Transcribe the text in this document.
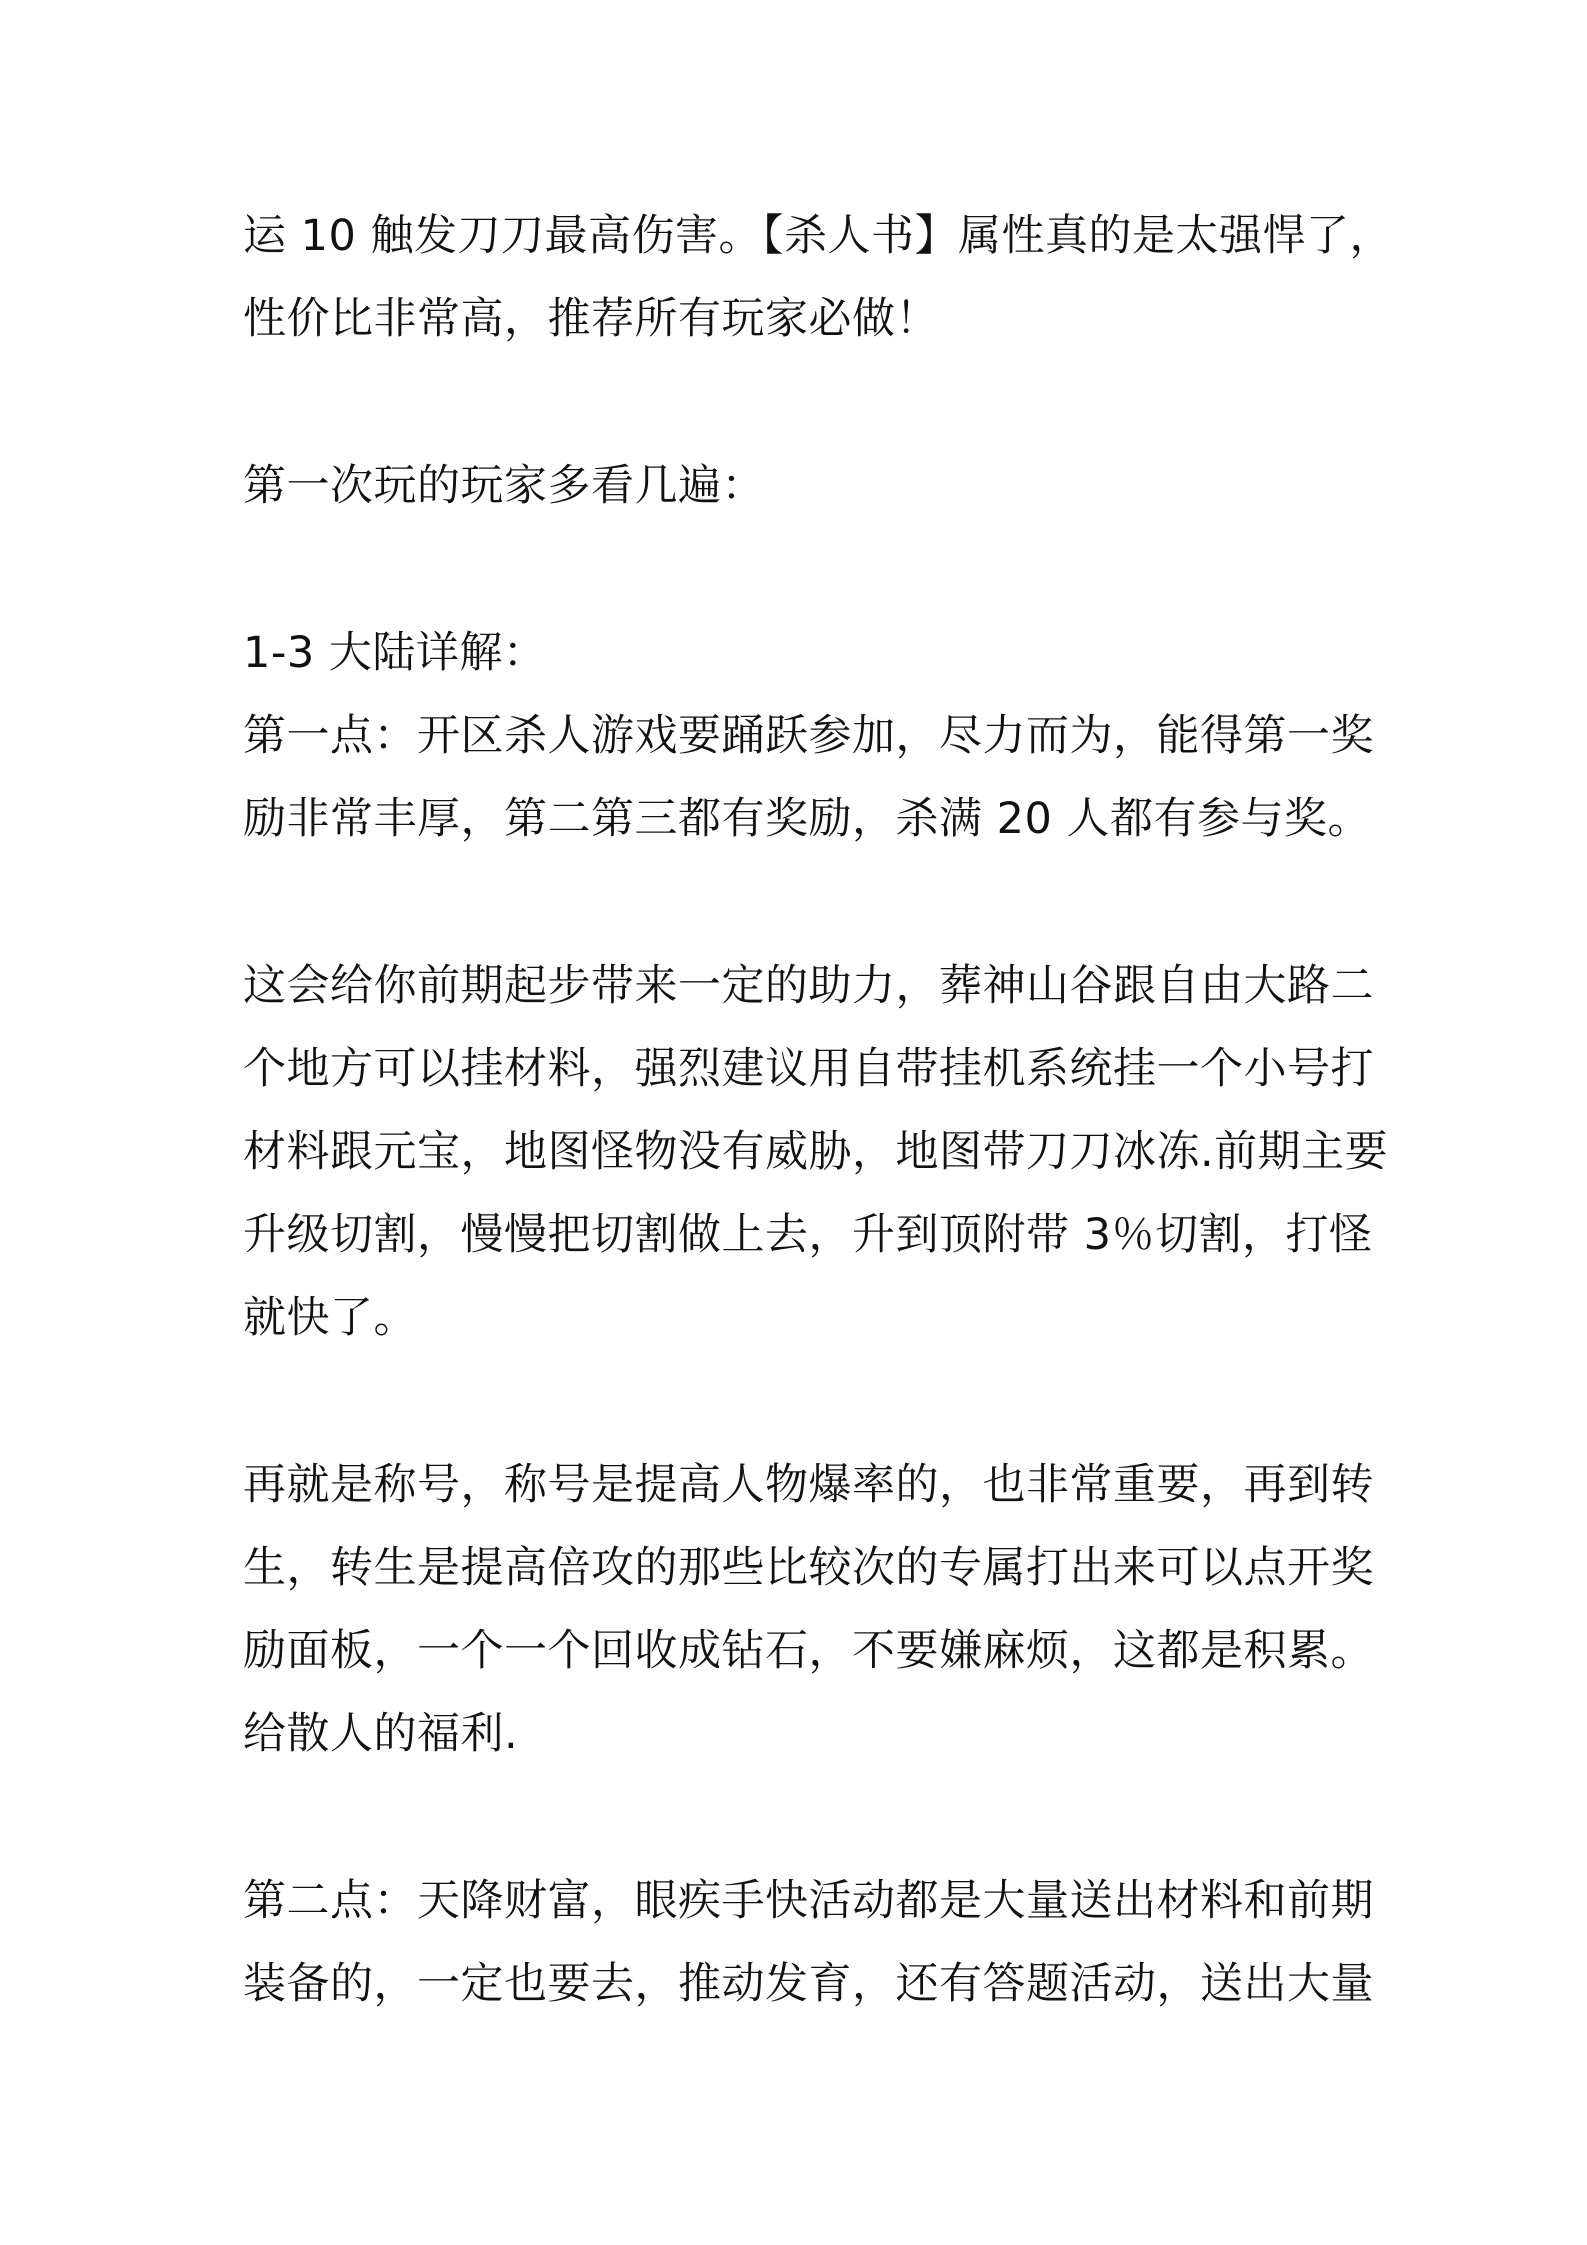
运 10 触发刀刀最高伤害。【杀人书】属性真的是太强悍了，
性价比非常高，推荐所有玩家必做！
第一次玩的玩家多看几遍：
1-3 大陆详解：
第一点：开区杀人游戏要踊跃参加，尽力而为，能得第一奖
励非常丰厚，第二第三都有奖励，杀满 20 人都有参与奖。
这会给你前期起步带来一定的助力，葬神山谷跟自由大路二
个地方可以挂材料，强烈建议用自带挂机系统挂一个小号打
材料跟元宝，地图怪物没有威胁，地图带刀刀冰冻.前期主要
升级切割，慢慢把切割做上去，升到顶附带 3％切割，打怪
就快了。
再就是称号，称号是提高人物爆率的，也非常重要，再到转
生，转生是提高倍攻的那些比较次的专属打出来可以点开奖
励面板，一个一个回收成钻石，不要嫌麻烦，这都是积累。
给散人的福利.
第二点：天降财富，眼疾手快活动都是大量送出材料和前期
装备的，一定也要去，推动发育，还有答题活动，送出大量
